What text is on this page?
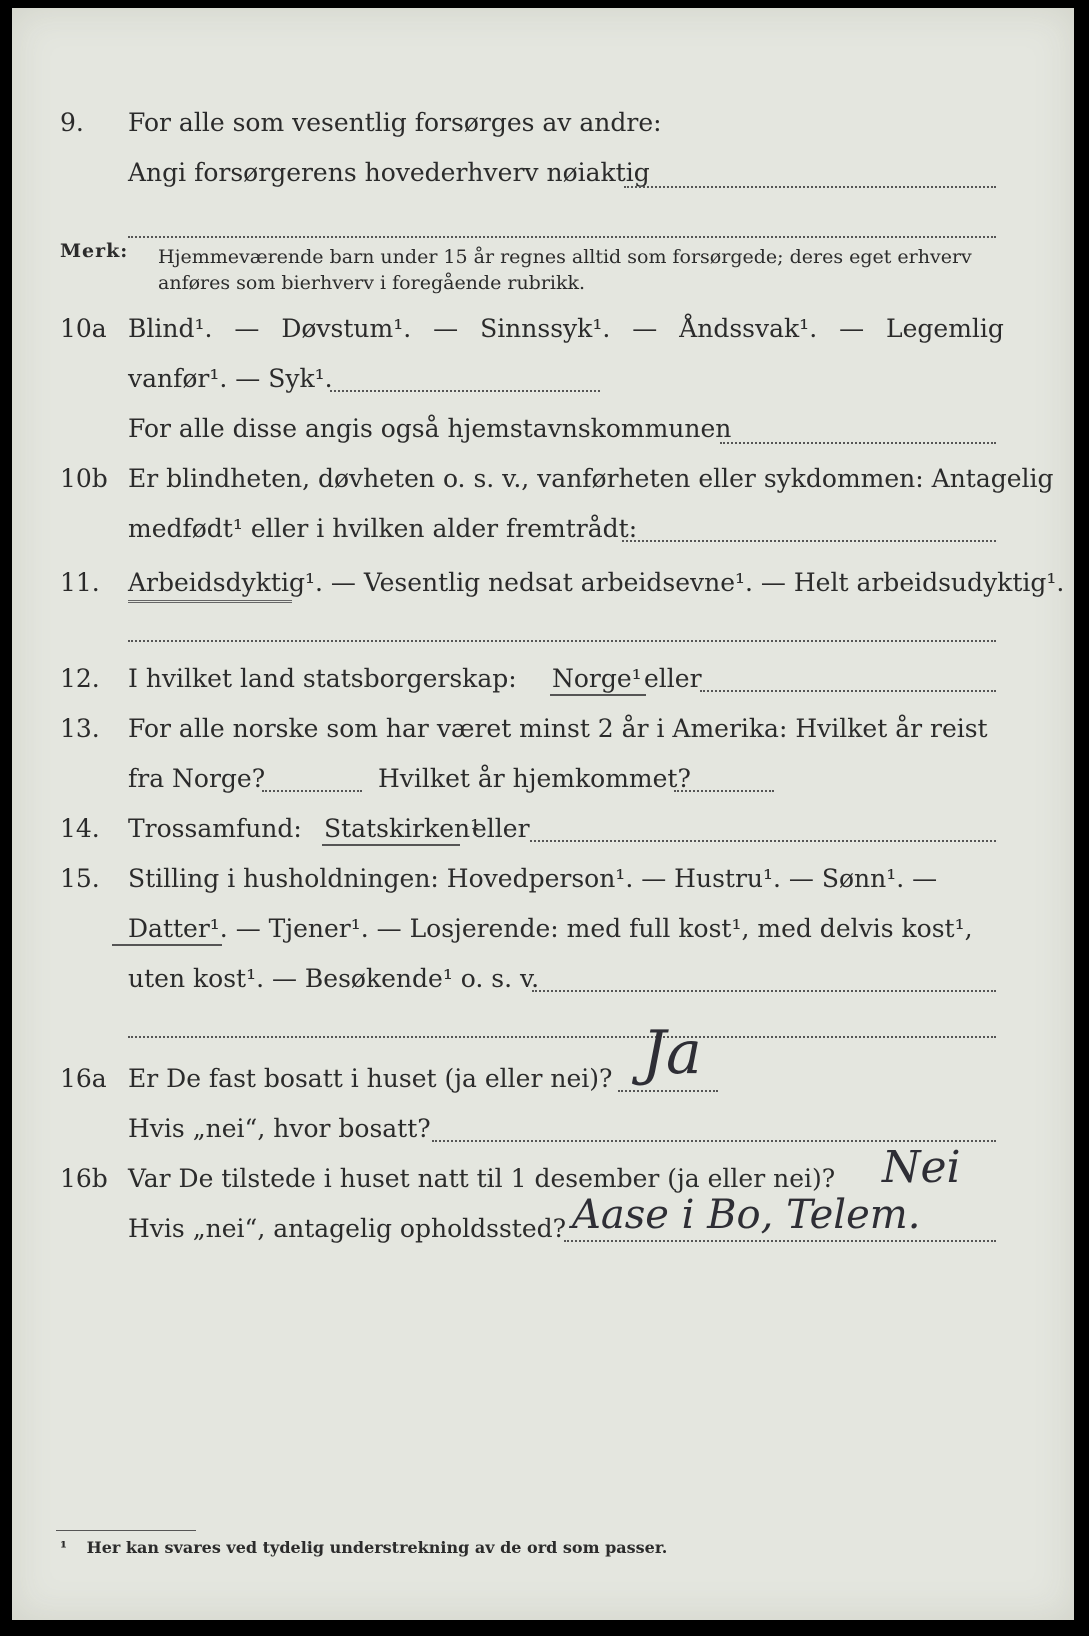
9. For alle som vesentlig forsørges av andre:
Angi forsørgerens hovederhverv nøiaktig
Merk: Hjemmeværende barn under 15 år regnes alltid som forsørgede; deres eget erhverv
anføres som bierhverv i foregående rubrikk.
10a Blind¹. — Døvstum¹. — Sinnssyk¹. — Åndssvak¹. — Legemlig
vanfør¹. — Syk¹.
For alle disse angis også hjemstavnskommunen
10b Er blindheten, døvheten o. s. v., vanførheten eller sykdommen: Antagelig
medfødt¹ eller i hvilken alder fremtrådt:
11. Arbeidsdyktig¹. — Vesentlig nedsat arbeidsevne¹. — Helt arbeidsudyktig¹.
12. I hvilket land statsborgerskap: Norge¹ eller
13. For alle norske som har været minst 2 år i Amerika: Hvilket år reist
fra Norge?	Hvilket år hjemkommet?
14. Trossamfund: Statskirken¹
eller
15. Stilling i husholdningen: Hovedperson¹. — Hustru¹. — Sønn¹. —
Datter¹. — Tjener¹. — Losjerende: med full kost¹, med delvis kost¹,
uten kost¹. — Besøkende¹ o. s. v.
16a Er De fast bosatt i huset (ja eller nei)? Ja
Hvis „nei“, hvor bosatt?
16b Var De tilstede i huset natt til 1 desember (ja eller nei)? Nei
Hvis „nei“, antagelig opholdssted? Aase i Bo, Telem.
¹ Her kan svares ved tydelig understrekning av de ord som passer.
